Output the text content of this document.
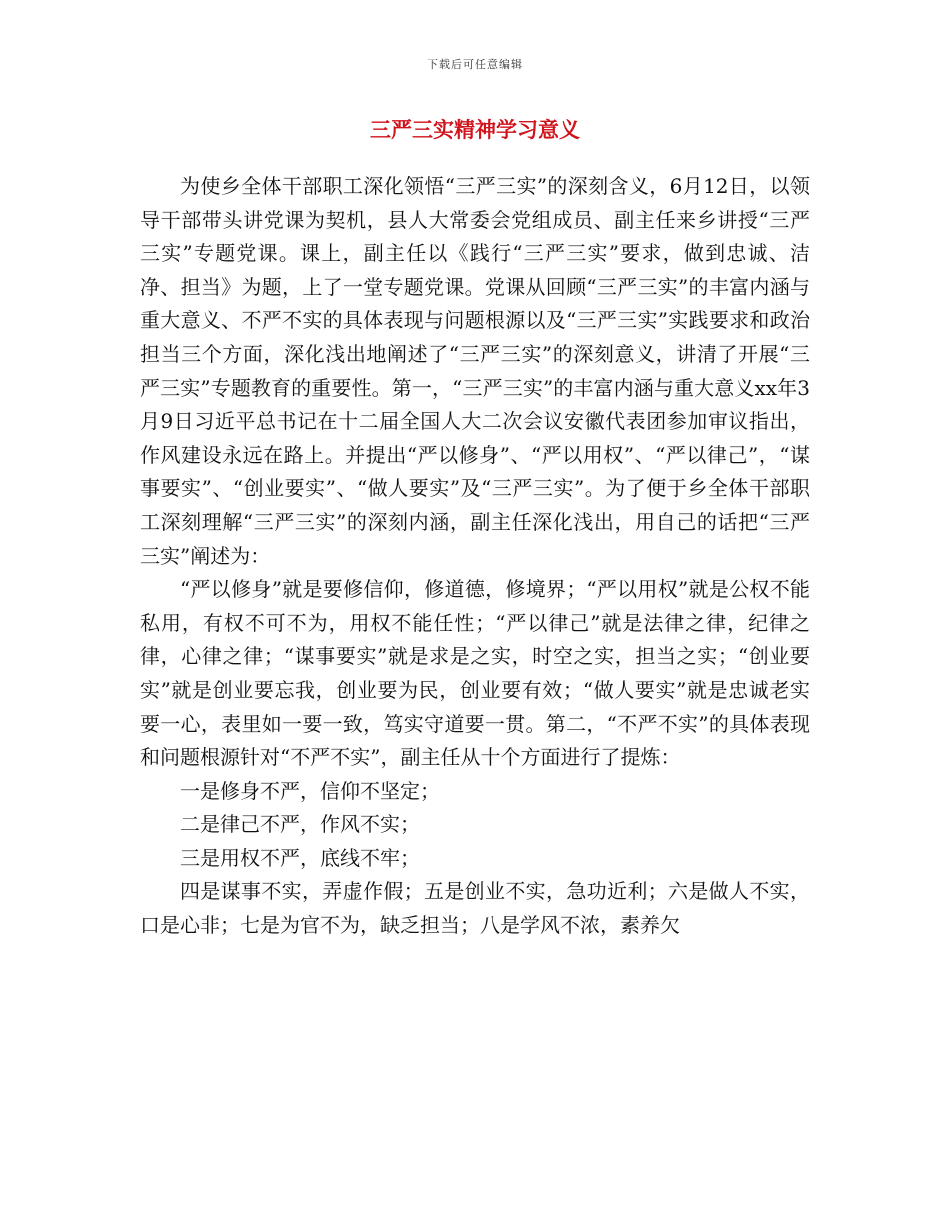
下载后可任意编辑
三严三实精神学习意义

为使乡全体干部职工深化领悟“三严三实”的深刻含义，6月12日，以领导干部带头讲党课为契机，县人大常委会党组成员、副主任来乡讲授“三严三实”专题党课。课上，副主任以《践行“三严三实”要求，做到忠诚、洁净、担当》为题，上了一堂专题党课。党课从回顾“三严三实”的丰富内涵与重大意义、不严不实的具体表现与问题根源以及“三严三实”实践要求和政治担当三个方面，深化浅出地阐述了“三严三实”的深刻意义，讲清了开展“三严三实”专题教育的重要性。第一，“三严三实”的丰富内涵与重大意义xx年3月9日习近平总书记在十二届全国人大二次会议安徽代表团参加审议指出，作风建设永远在路上。并提出“严以修身”、“严以用权”、“严以律己”，“谋事要实”、“创业要实”、“做人要实”及“三严三实”。为了便于乡全体干部职工深刻理解“三严三实”的深刻内涵，副主任深化浅出，用自己的话把“三严三实”阐述为：

“严以修身”就是要修信仰，修道德，修境界；“严以用权”就是公权不能私用，有权不可不为，用权不能任性；“严以律己”就是法律之律，纪律之律，心律之律；“谋事要实”就是求是之实，时空之实，担当之实；“创业要实”就是创业要忘我，创业要为民，创业要有效；“做人要实”就是忠诚老实要一心，表里如一要一致，笃实守道要一贯。第二，“不严不实”的具体表现和问题根源针对“不严不实”，副主任从十个方面进行了提炼：

一是修身不严，信仰不坚定；

二是律己不严，作风不实；

三是用权不严，底线不牢；

四是谋事不实，弄虚作假；五是创业不实，急功近利；六是做人不实，口是心非；七是为官不为，缺乏担当；八是学风不浓，素养欠
